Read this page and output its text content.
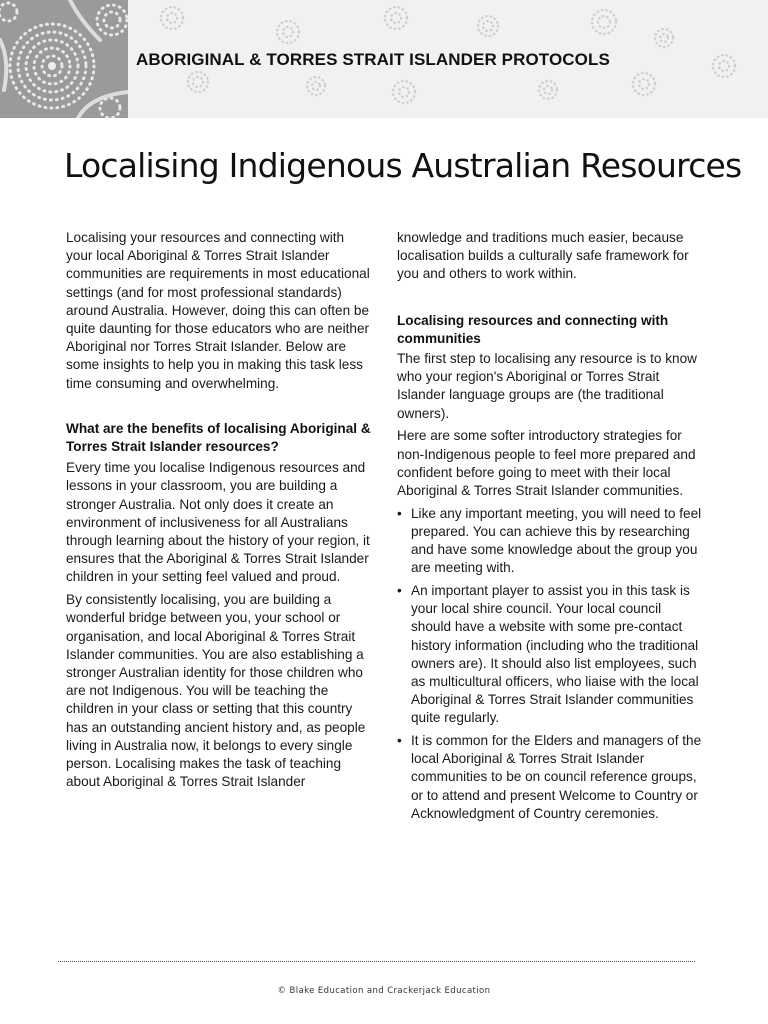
ABORIGINAL & TORRES STRAIT ISLANDER PROTOCOLS
Localising Indigenous Australian Resources

Localising your resources and connecting with your local Aboriginal & Torres Strait Islander communities are requirements in most educational settings (and for most professional standards) around Australia. However, doing this can often be quite daunting for those educators who are neither Aboriginal nor Torres Strait Islander. Below are some insights to help you in making this task less time consuming and overwhelming.

What are the benefits of localising Aboriginal & Torres Strait Islander resources?

Every time you localise Indigenous resources and lessons in your classroom, you are building a stronger Australia. Not only does it create an environment of inclusiveness for all Australians through learning about the history of your region, it ensures that the Aboriginal & Torres Strait Islander children in your setting feel valued and proud.

By consistently localising, you are building a wonderful bridge between you, your school or organisation, and local Aboriginal & Torres Strait Islander communities. You are also establishing a stronger Australian identity for those children who are not Indigenous. You will be teaching the children in your class or setting that this country has an outstanding ancient history and, as people living in Australia now, it belongs to every single person. Localising makes the task of teaching about Aboriginal & Torres Strait Islander

knowledge and traditions much easier, because localisation builds a culturally safe framework for you and others to work within.

Localising resources and connecting with communities

The first step to localising any resource is to know who your region's Aboriginal or Torres Strait Islander language groups are (the traditional owners).

Here are some softer introductory strategies for non-Indigenous people to feel more prepared and confident before going to meet with their local Aboriginal & Torres Strait Islander communities.

• Like any important meeting, you will need to feel prepared. You can achieve this by researching and have some knowledge about the group you are meeting with.
• An important player to assist you in this task is your local shire council. Your local council should have a website with some pre-contact history information (including who the traditional owners are). It should also list employees, such as multicultural officers, who liaise with the local Aboriginal & Torres Strait Islander communities quite regularly.
• It is common for the Elders and managers of the local Aboriginal & Torres Strait Islander communities to be on council reference groups, or to attend and present Welcome to Country or Acknowledgment of Country ceremonies.
© Blake Education and Crackerjack Education
